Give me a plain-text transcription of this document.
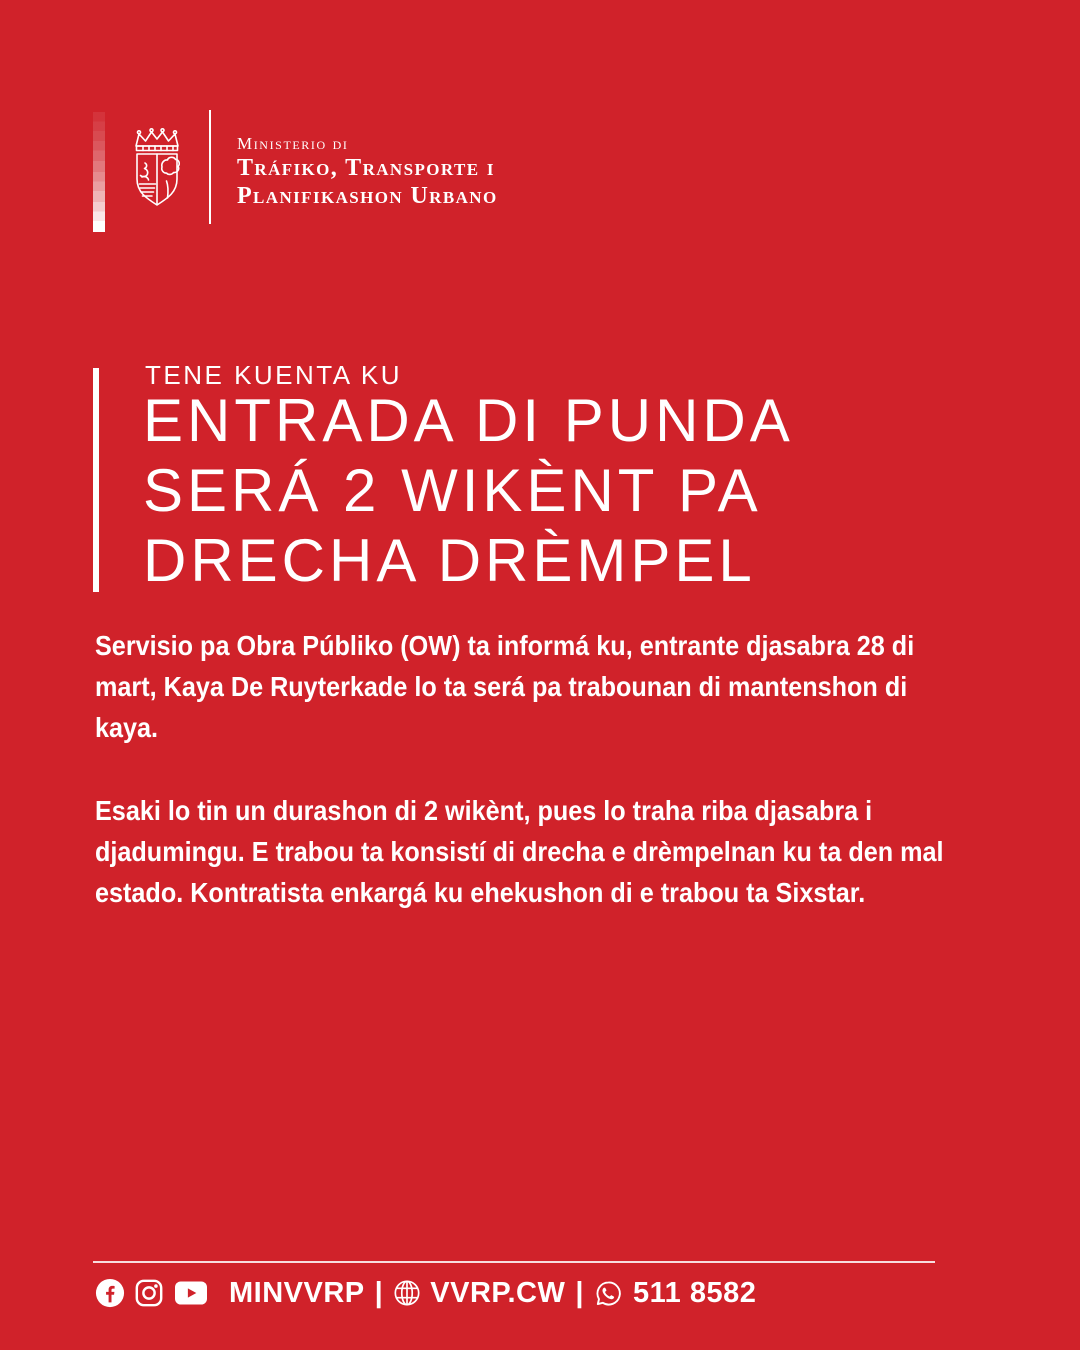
Ministerio di
Tráfiko, Transporte i
Planifikashon Urbano
TENE KUENTA KU
ENTRADA DI PUNDA
SERÁ 2 WIKÈNT PA
DRECHA DRÈMPEL

Servisio pa Obra Públiko (OW) ta informá ku, entrante djasabra 28 di mart, Kaya De Ruyterkade lo ta será pa trabounan di mantenshon di kaya.

Esaki lo tin un durashon di 2 wikènt, pues lo traha riba djasabra i djadumingu. E trabou ta konsistí di drecha e drèmpelnan ku ta den mal estado. Kontratista enkargá ku ehekushon di e trabou ta Sixstar.

MINVVRP | VVRP.CW | 511 8582
